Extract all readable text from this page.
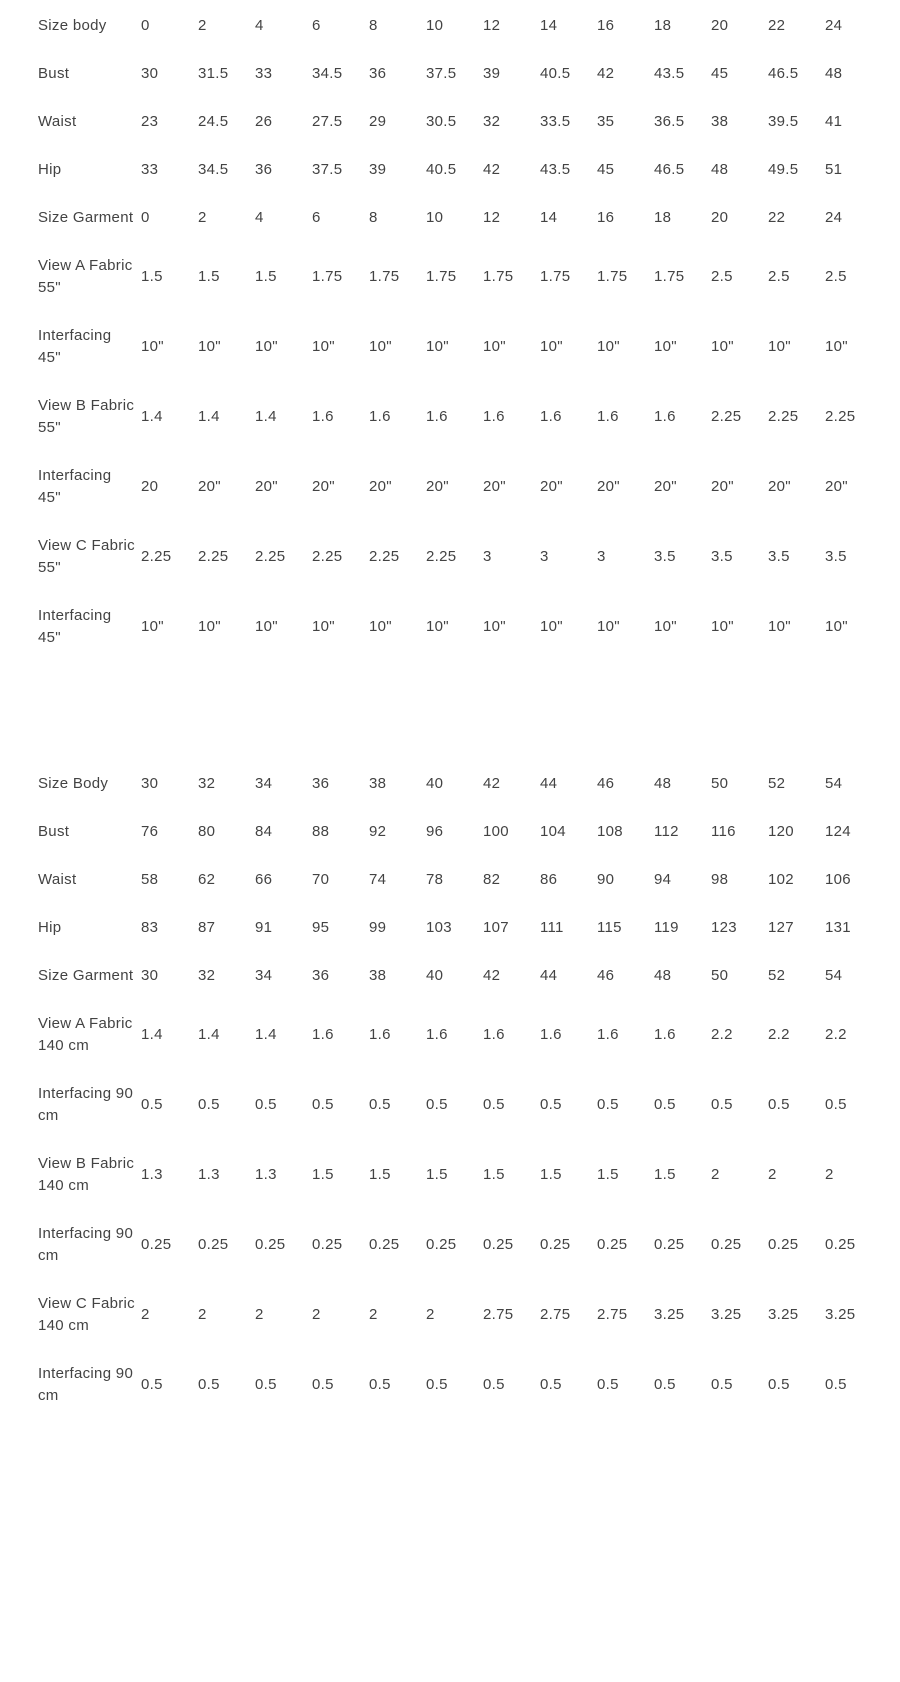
Size body	0	2	4	6	8	10	12	14	16	18	20	22	24
Bust	30	31.5	33	34.5	36	37.5	39	40.5	42	43.5	45	46.5	48
Waist	23	24.5	26	27.5	29	30.5	32	33.5	35	36.5	38	39.5	41
Hip	33	34.5	36	37.5	39	40.5	42	43.5	45	46.5	48	49.5	51
Size Garment	0	2	4	6	8	10	12	14	16	18	20	22	24
View A Fabric 55"	1.5	1.5	1.5	1.75	1.75	1.75	1.75	1.75	1.75	1.75	2.5	2.5	2.5
Interfacing 45"	10"	10"	10"	10"	10"	10"	10"	10"	10"	10"	10"	10"	10"
View B Fabric 55"	1.4	1.4	1.4	1.6	1.6	1.6	1.6	1.6	1.6	1.6	2.25	2.25	2.25
Interfacing 45"	20	20"	20"	20"	20"	20"	20"	20"	20"	20"	20"	20"	20"
View C Fabric 55"	2.25	2.25	2.25	2.25	2.25	2.25	3	3	3	3.5	3.5	3.5	3.5
Interfacing 45"	10"	10"	10"	10"	10"	10"	10"	10"	10"	10"	10"	10"	10"
Size Body	30	32	34	36	38	40	42	44	46	48	50	52	54
Bust	76	80	84	88	92	96	100	104	108	112	116	120	124
Waist	58	62	66	70	74	78	82	86	90	94	98	102	106
Hip	83	87	91	95	99	103	107	111	115	119	123	127	131
Size Garment	30	32	34	36	38	40	42	44	46	48	50	52	54
View A Fabric 140 cm	1.4	1.4	1.4	1.6	1.6	1.6	1.6	1.6	1.6	1.6	2.2	2.2	2.2
Interfacing 90 cm	0.5	0.5	0.5	0.5	0.5	0.5	0.5	0.5	0.5	0.5	0.5	0.5	0.5
View B Fabric 140 cm	1.3	1.3	1.3	1.5	1.5	1.5	1.5	1.5	1.5	1.5	2	2	2
Interfacing 90 cm	0.25	0.25	0.25	0.25	0.25	0.25	0.25	0.25	0.25	0.25	0.25	0.25	0.25
View C Fabric 140 cm	2	2	2	2	2	2	2.75	2.75	2.75	3.25	3.25	3.25	3.25
Interfacing 90 cm	0.5	0.5	0.5	0.5	0.5	0.5	0.5	0.5	0.5	0.5	0.5	0.5	0.5
